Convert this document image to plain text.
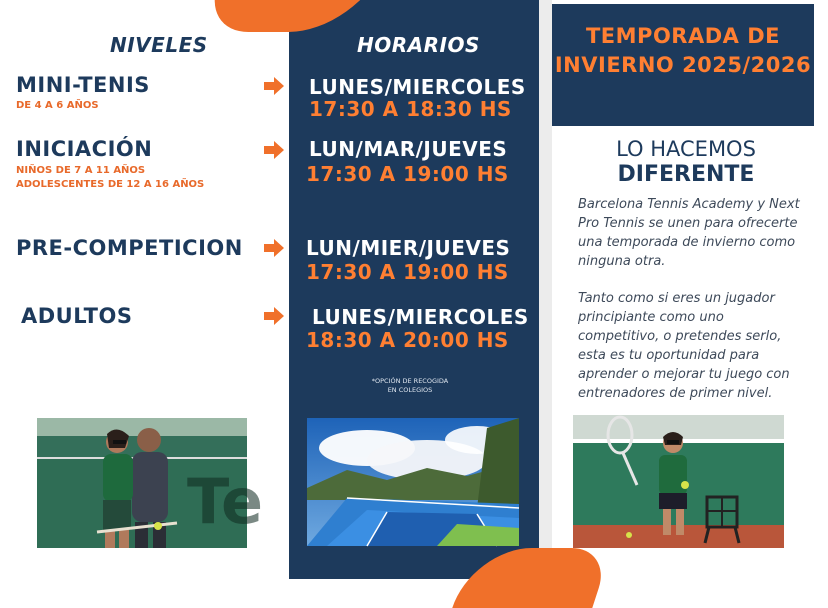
NIVELES
MINI-TENIS
DE 4 A 6 AÑOS
INICIACIÓN
NIÑOS DE 7 A 11 AÑOS
ADOLESCENTES DE 12 A 16 AÑOS
PRE-COMPETICION
ADULTOS
HORARIOS
LUNES/MIERCOLES
17:30 A 18:30 HS
LUN/MAR/JUEVES
17:30 A 19:00 HS
LUN/MIER/JUEVES
17:30 A 19:00 HS
LUNES/MIERCOLES
18:30 A 20:00 HS
*OPCIÓN DE RECOGIDA
EN COLEGIOS
TEMPORADA DE
INVIERNO 2025/2026
LO HACEMOS
DIFERENTE
Barcelona Tennis Academy y Next Pro Tennis se unen para ofrecerte una temporada de invierno como ninguna otra.
Tanto como si eres un jugador principiante como uno competitivo, o pretendes serlo, esta es tu oportunidad para aprender o mejorar tu juego con entrenadores de primer nivel.
Te
